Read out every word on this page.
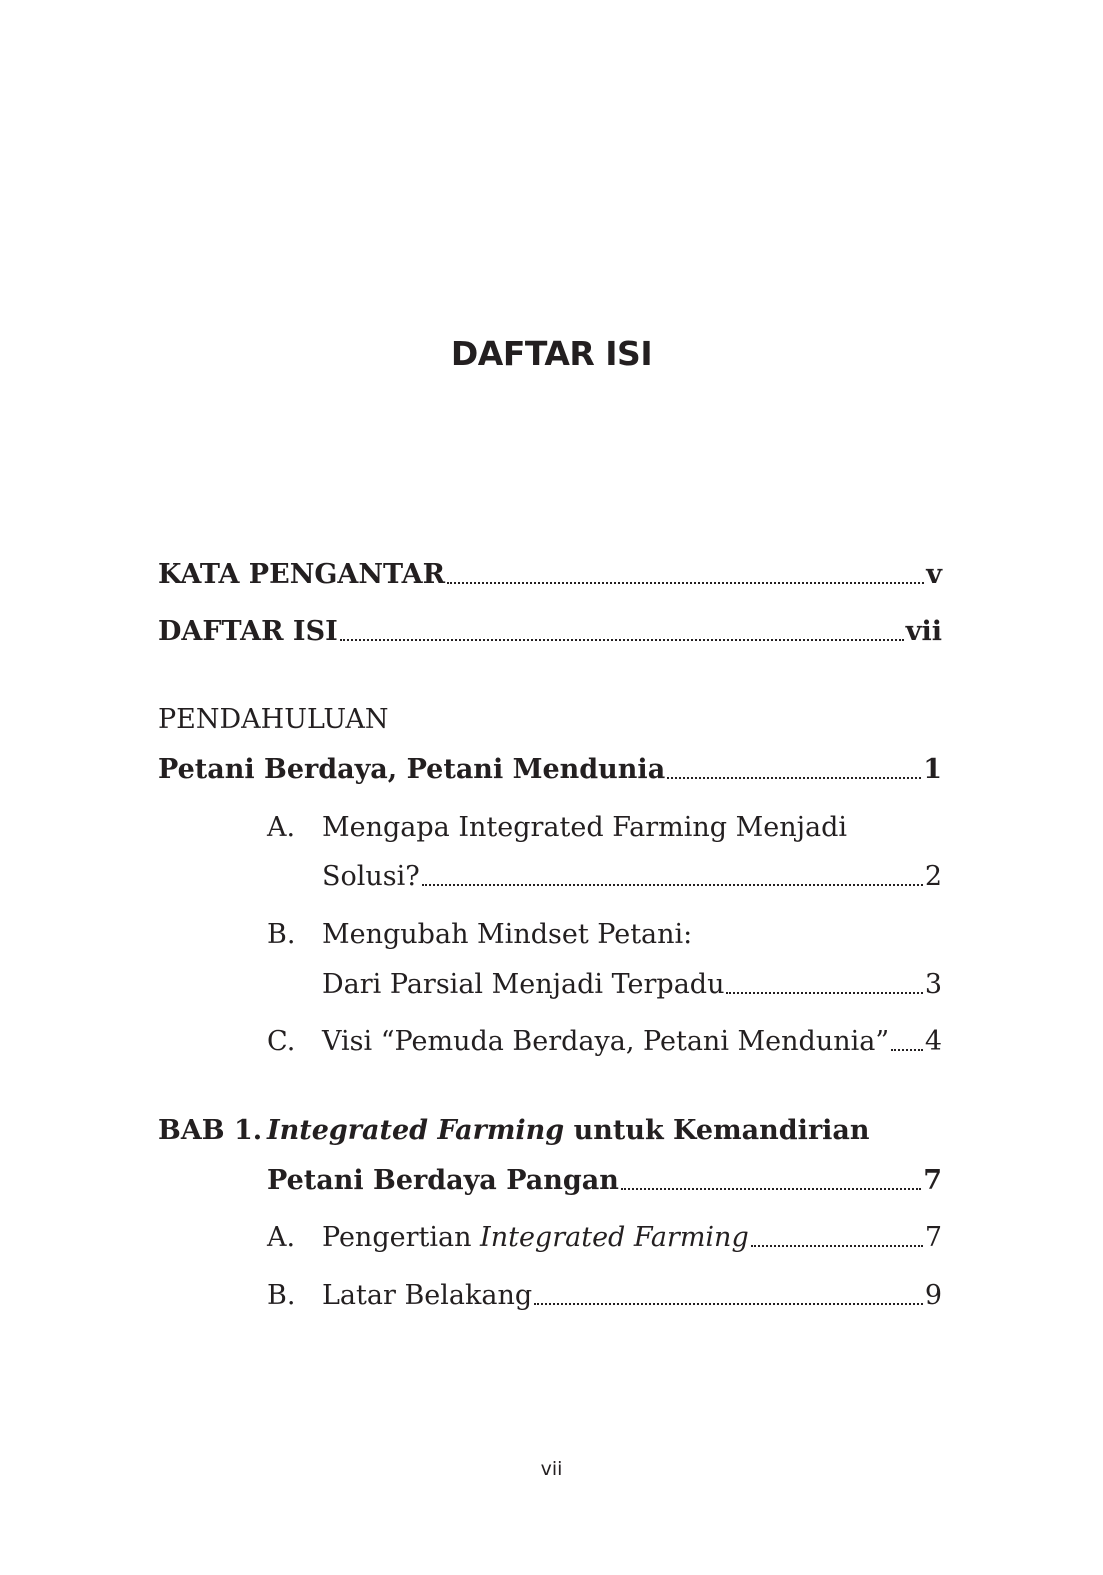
DAFTAR ISI
KATA PENGANTAR	v
DAFTAR ISI	vii
PENDAHULUAN
Petani Berdaya, Petani Mendunia	1
A. Mengapa Integrated Farming Menjadi
Solusi?	2
B. Mengubah Mindset Petani:
Dari Parsial Menjadi Terpadu	3
C. Visi “Pemuda Berdaya, Petani Mendunia” 4
BAB 1. Integrated Farming untuk Kemandirian
Petani Berdaya Pangan	7
A. Pengertian Integrated Farming	7
B. Latar Belakang	9
vii
